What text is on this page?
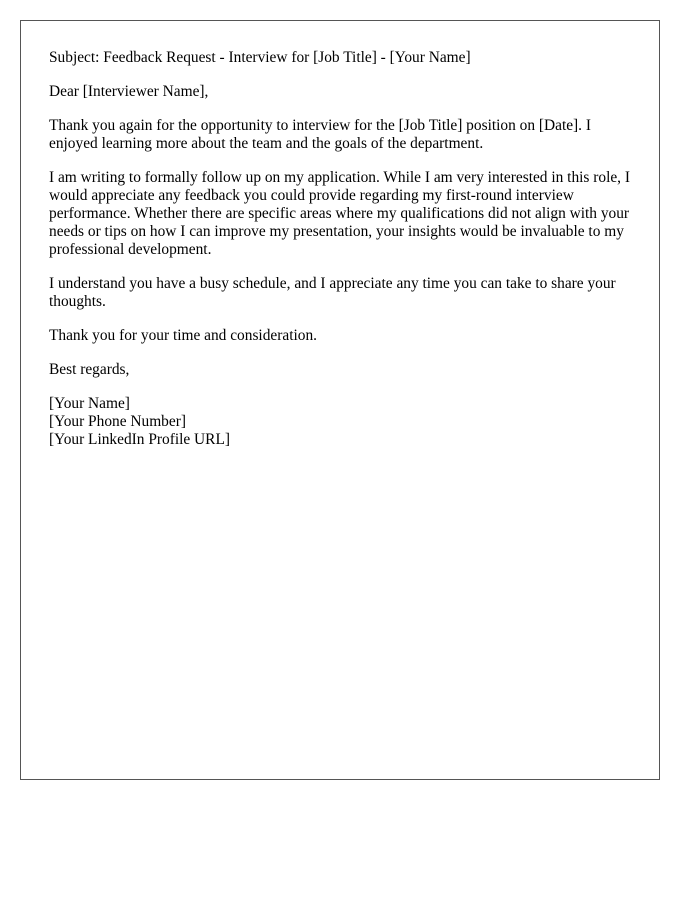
Subject: Feedback Request - Interview for [Job Title] - [Your Name]

Dear [Interviewer Name],

Thank you again for the opportunity to interview for the [Job Title] position on [Date]. I enjoyed learning more about the team and the goals of the department.

I am writing to formally follow up on my application. While I am very interested in this role, I would appreciate any feedback you could provide regarding my first-round interview performance. Whether there are specific areas where my qualifications did not align with your needs or tips on how I can improve my presentation, your insights would be invaluable to my professional development.

I understand you have a busy schedule, and I appreciate any time you can take to share your thoughts.

Thank you for your time and consideration.

Best regards,

[Your Name]
[Your Phone Number]
[Your LinkedIn Profile URL]
